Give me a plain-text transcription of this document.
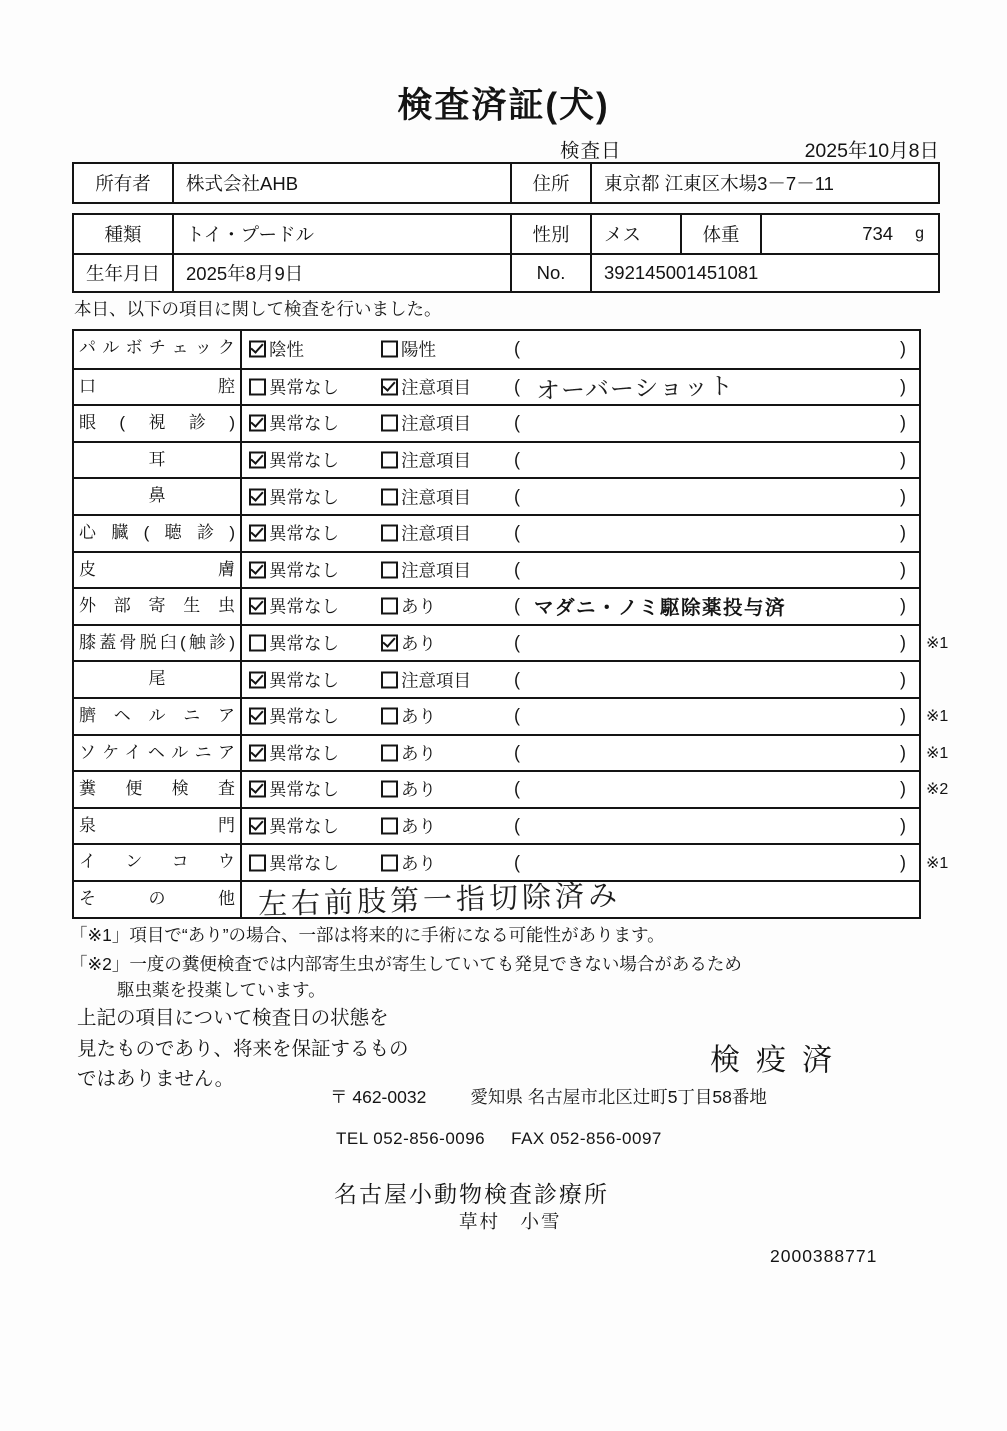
検査済証(犬)
検査日	2025年10月8日
所有者	株式会社AHB	住所	東京都 江東区木場3－7－11
種類	トイ・プードル	性別	メス	体重	734 g
生年月日	2025年8月9日	No.	392145001451081
本日、以下の項目に関して検査を行いました。
パルボチェック	陰性	陽性	(	)
口腔	異常なし	注意項目 ( オーバーショット	)
眼(視診)	異常なし	注意項目 (	)
耳	異常なし	注意項目 (	)
鼻	異常なし	注意項目 (	)
心臓(聴診)	異常なし	注意項目 (	)
皮膚	異常なし	注意項目 (	)
外部寄生虫	異常なし	あり	( マダニ・ノミ駆除薬投与済	)
膝蓋骨脱臼(触診)	異常なし	あり	(	) ※1
尾	異常なし	注意項目 (	)
臍ヘルニア	異常なし	あり	(	) ※1
ソケイヘルニア	異常なし	あり	(	) ※1
糞便検査	異常なし	あり	(	) ※2
泉門	異常なし	あり	(	)
インコウ	異常なし	あり	(	) ※1
その他 左右前肢第一指切除済み
「※1」項目で“あり”の場合、一部は将来的に手術になる可能性があります。
「※2」一度の糞便検査では内部寄生虫が寄生していても発見できない場合があるため
駆虫薬を投薬しています。
上記の項目について検査日の状態を
見たものであり、将来を保証するもの
ではありません。
検疫済
〒 462-0032	愛知県 名古屋市北区辻町5丁目58番地
TEL 052-856-0096 FAX 052-856-0097
名古屋小動物検査診療所
草村　小雪
2000388771
